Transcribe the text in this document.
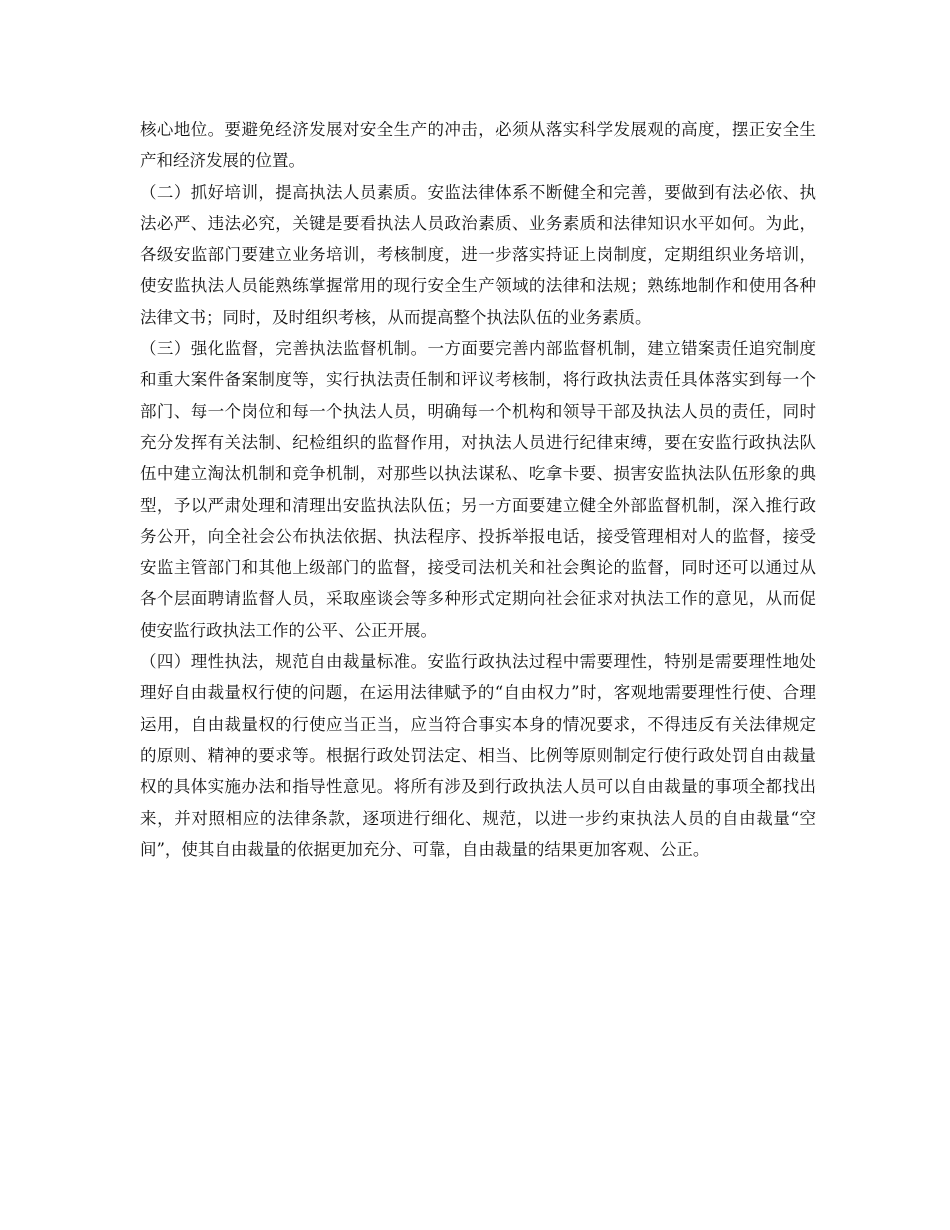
核心地位。要避免经济发展对安全生产的冲击，必须从落实科学发展观的高度，摆正安全生产和经济发展的位置。

（二）抓好培训，提高执法人员素质。安监法律体系不断健全和完善，要做到有法必依、执法必严、违法必究，关键是要看执法人员政治素质、业务素质和法律知识水平如何。为此，各级安监部门要建立业务培训，考核制度，进一步落实持证上岗制度，定期组织业务培训，使安监执法人员能熟练掌握常用的现行安全生产领域的法律和法规；熟练地制作和使用各种法律文书；同时，及时组织考核，从而提高整个执法队伍的业务素质。

（三）强化监督，完善执法监督机制。一方面要完善内部监督机制，建立错案责任追究制度和重大案件备案制度等，实行执法责任制和评议考核制，将行政执法责任具体落实到每一个部门、每一个岗位和每一个执法人员，明确每一个机构和领导干部及执法人员的责任，同时充分发挥有关法制、纪检组织的监督作用，对执法人员进行纪律束缚，要在安监行政执法队伍中建立淘汰机制和竞争机制，对那些以执法谋私、吃拿卡要、损害安监执法队伍形象的典型，予以严肃处理和清理出安监执法队伍；另一方面要建立健全外部监督机制，深入推行政务公开，向全社会公布执法依据、执法程序、投拆举报电话，接受管理相对人的监督，接受安监主管部门和其他上级部门的监督，接受司法机关和社会舆论的监督，同时还可以通过从各个层面聘请监督人员，采取座谈会等多种形式定期向社会征求对执法工作的意见，从而促使安监行政执法工作的公平、公正开展。

（四）理性执法，规范自由裁量标准。安监行政执法过程中需要理性，特别是需要理性地处理好自由裁量权行使的问题，在运用法律赋予的“自由权力”时，客观地需要理性行使、合理运用，自由裁量权的行使应当正当，应当符合事实本身的情况要求，不得违反有关法律规定的原则、精神的要求等。根据行政处罚法定、相当、比例等原则制定行使行政处罚自由裁量权的具体实施办法和指导性意见。将所有涉及到行政执法人员可以自由裁量的事项全都找出来，并对照相应的法律条款，逐项进行细化、规范，以进一步约束执法人员的自由裁量“空间”，使其自由裁量的依据更加充分、可靠，自由裁量的结果更加客观、公正。
